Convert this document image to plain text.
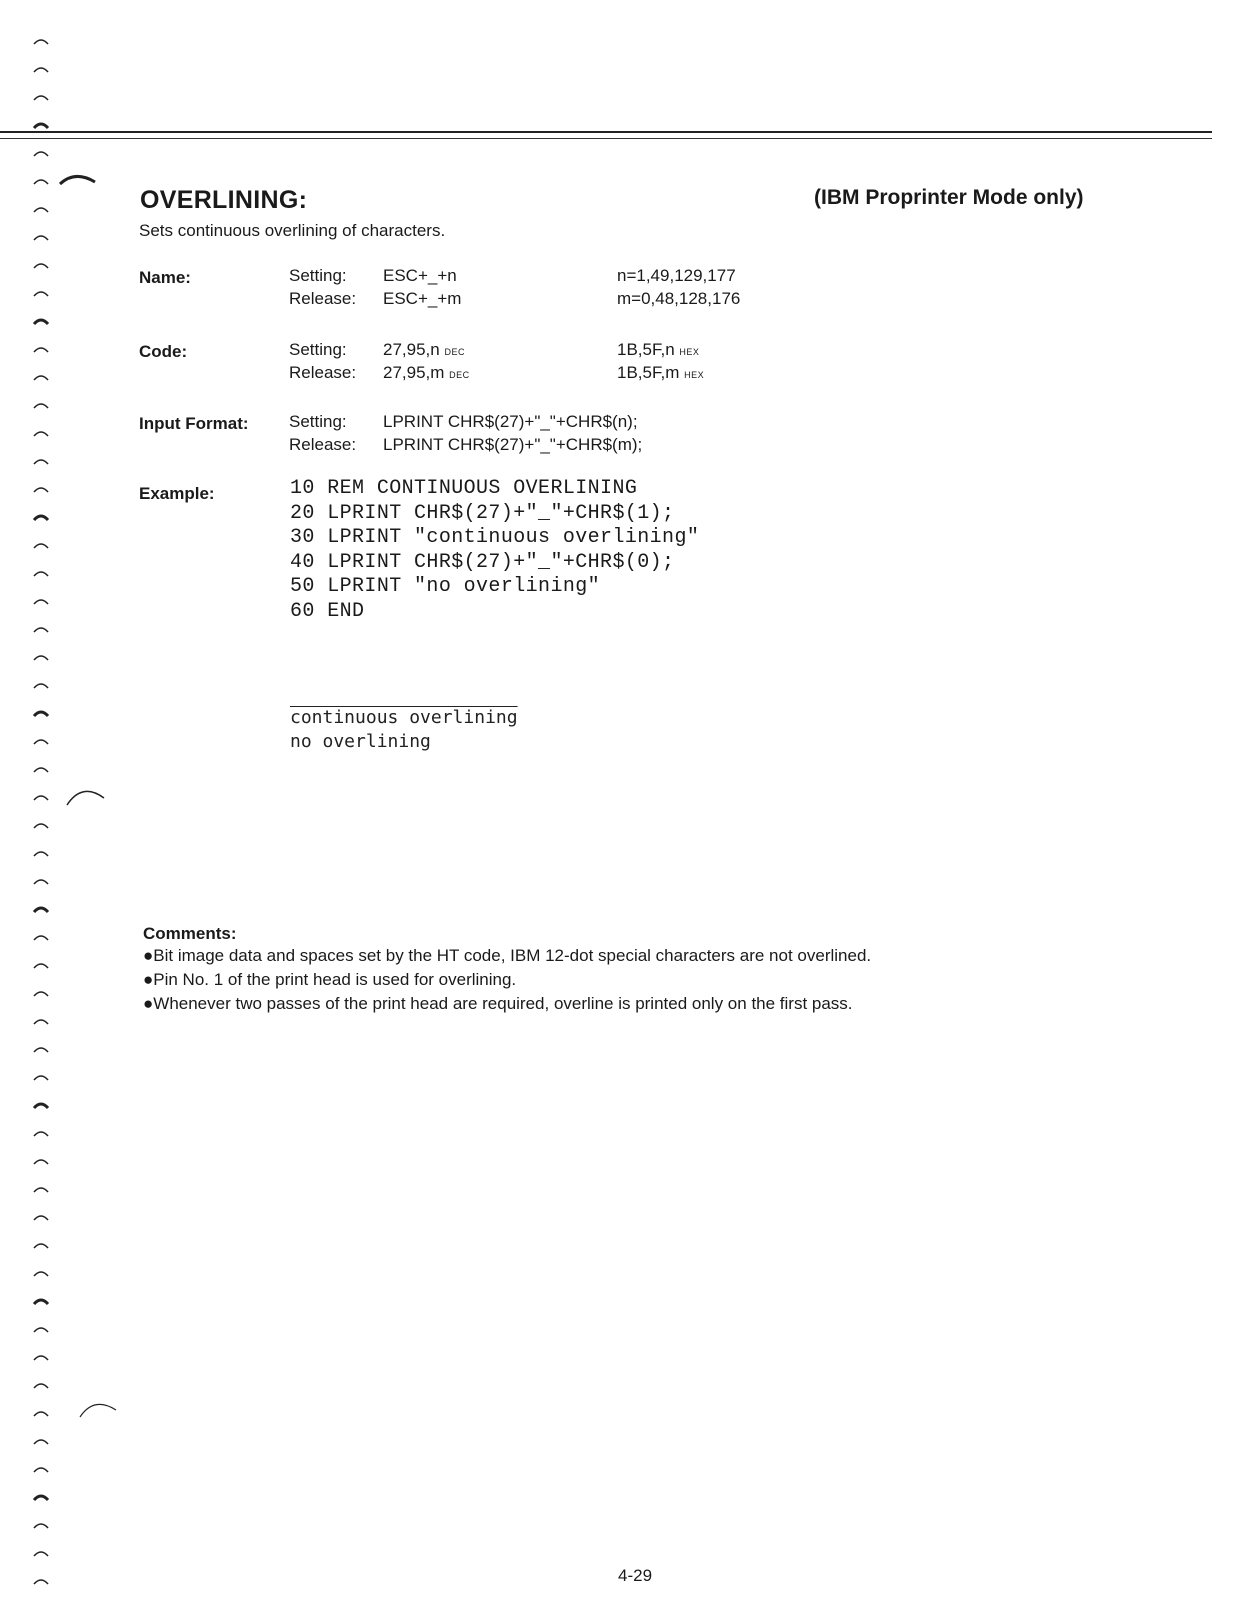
OVERLINING:	(IBM Proprinter Mode only)
Sets continuous overlining of characters.
Name:	Setting: ESC+_+n	n=1,49,129,177
Release: ESC+_+m	m=0,48,128,176
Code:	Setting: 27,95,n DEC	1B,5F,n HEX
Release: 27,95,m DEC	1B,5F,m HEX
Input Format: Setting: LPRINT CHR$(27)+"_"+CHR$(n);
Release: LPRINT CHR$(27)+"_"+CHR$(m);
Example:	10 REM CONTINUOUS OVERLINING
20 LPRINT CHR$(27)+"_"+CHR$(1);
30 LPRINT "continuous overlining"
40 LPRINT CHR$(27)+"_"+CHR$(0);
50 LPRINT "no overlining"
60 END
continuous overlining
no overlining
Comments:
●Bit image data and spaces set by the HT code, IBM 12-dot special characters are not overlined.
●Pin No. 1 of the print head is used for overlining.
●Whenever two passes of the print head are required, overline is printed only on the first pass.
4-29
